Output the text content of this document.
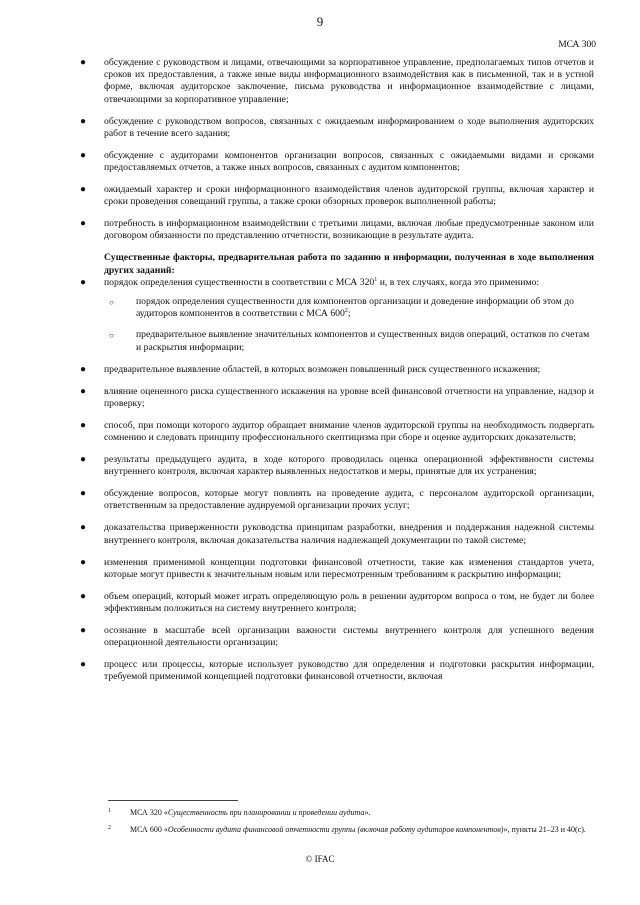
9
МСА 300
● обсуждение с руководством и лицами, отвечающими за корпоративное управление, предполагаемых типов отчетов и сроков их предоставления, а также иные виды информационного взаимодействия как в письменной, так и в устной форме, включая аудиторское заключение, письма руководства и информационное взаимодействие с лицами, отвечающими за корпоративное управление;
● обсуждение с руководством вопросов, связанных с ожидаемым информированием о ходе выполнения аудиторских работ в течение всего задания;
● обсуждение с аудиторами компонентов организации вопросов, связанных с ожидаемыми видами и сроками предоставляемых отчетов, а также иных вопросов, связанных с аудитом компонентов;
● ожидаемый характер и сроки информационного взаимодействия членов аудиторской группы, включая характер и сроки проведения совещаний группы, а также сроки обзорных проверок выполненной работы;
● потребность в информационном взаимодействии с третьими лицами, включая любые предусмотренные законом или договором обязанности по представлению отчетности, возникающие в результате аудита.

Существенные факторы, предварительная работа по заданию и информации, полученная в ходе выполнения других заданий:

● порядок определения существенности в соответствии с МСА $320^1$ и, в тех случаях, когда это применимо:
○ порядок определения существенности для компонентов организации и доведение информации об этом до аудиторов компонентов в соответствии с МСА $600^2$;
○ предварительное выявление значительных компонентов и существенных видов операций, остатков по счетам и раскрытия информации;
● предварительное выявление областей, в которых возможен повышенный риск существенного искажения;
● влияние оцененного риска существенного искажения на уровне всей финансовой отчетности на управление, надзор и проверку;
● способ, при помощи которого аудитор обращает внимание членов аудиторской группы на необходимость подвергать сомнению и следовать принципу профессионального скептицизма при сборе и оценке аудиторских доказательств;
● результаты предыдущего аудита, в ходе которого проводилась оценка операционной эффективности системы внутреннего контроля, включая характер выявленных недостатков и меры, принятые для их устранения;
● обсуждение вопросов, которые могут повлиять на проведение аудита, с персоналом аудиторской организации, ответственным за предоставление аудируемой организации прочих услуг;
● доказательства приверженности руководства принципам разработки, внедрения и поддержания надежной системы внутреннего контроля, включая доказательства наличия надлежащей документации по такой системе;
● изменения применимой концепции подготовки финансовой отчетности, такие как изменения стандартов учета, которые могут привести к значительным новым или пересмотренным требованиям к раскрытию информации;
● объем операций, который может играть определяющую роль в решении аудитором вопроса о том, не будет ли более эффективным положиться на систему внутреннего контроля;
● осознание в масштабе всей организации важности системы внутреннего контроля для успешного ведения операционной деятельности организации;
● процесс или процессы, которые использует руководство для определения и подготовки раскрытия информации, требуемой применимой концепцией подготовки финансовой отчетности, включая
1 МСА 320 «Существенность при планировании и проведении аудита».
2 МСА 600 «Особенности аудита финансовой отчетности группы (включая работу аудиторов компонентов)», пункты 21–23 и 40(c).
© IFAC
